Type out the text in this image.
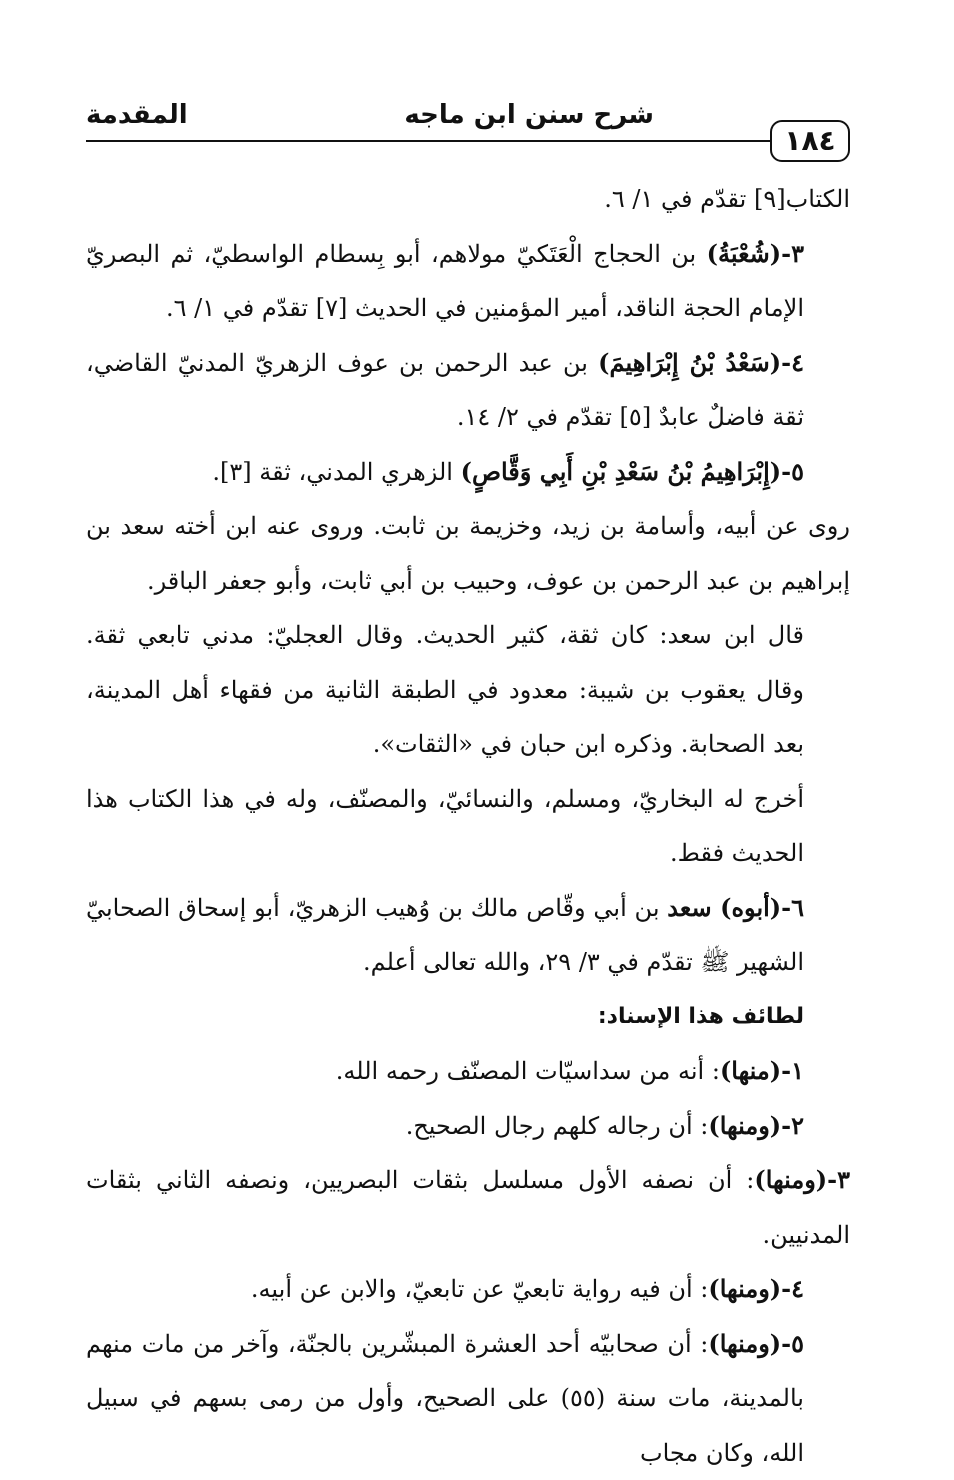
شرح سنن ابن ماجه
المقدمة
١٨٤

الكتاب[٩] تقدّم في ١/ ٦.

٣-(شُعْبَةُ) بن الحجاج الْعَتَكيّ مولاهم، أبو بِسطام الواسطيّ، ثم البصريّ الإمام الحجة الناقد، أمير المؤمنين في الحديث [٧] تقدّم في ١/ ٦.

٤-(سَعْدُ بْنُ إِبْرَاهِيمَ) بن عبد الرحمن بن عوف الزهريّ المدنيّ القاضي، ثقة فاضلٌ عابدٌ [٥] تقدّم في ٢/ ١٤.

٥-(إِبْرَاهِيمُ بْنُ سَعْدِ بْنِ أَبِي وَقَّاصٍ) الزهري المدني، ثقة [٣].

روى عن أبيه، وأسامة بن زيد، وخزيمة بن ثابت. وروى عنه ابن أخته سعد بن إبراهيم بن عبد الرحمن بن عوف، وحبيب بن أبي ثابت، وأبو جعفر الباقر.

قال ابن سعد: كان ثقة، كثير الحديث. وقال العجليّ: مدني تابعي ثقة. وقال يعقوب بن شيبة: معدود في الطبقة الثانية من فقهاء أهل المدينة، بعد الصحابة. وذكره ابن حبان في «الثقات».

أخرج له البخاريّ، ومسلم، والنسائيّ، والمصنّف، وله في هذا الكتاب هذا الحديث فقط.

٦-(أبوه) سعد بن أبي وقّاص مالك بن وُهيب الزهريّ، أبو إسحاق الصحابيّ الشهير ﷺ تقدّم في ٣/ ٢٩، والله تعالى أعلم.

لطائف هذا الإسناد:

١-(منها): أنه من سداسيّات المصنّف رحمه الله.

٢-(ومنها): أن رجاله كلهم رجال الصحيح.

٣-(ومنها): أن نصفه الأول مسلسل بثقات البصريين، ونصفه الثاني بثقات المدنيين.

٤-(ومنها): أن فيه رواية تابعيّ عن تابعيّ، والابن عن أبيه.

٥-(ومنها): أن صحابيّه أحد العشرة المبشّرين بالجنّة، وآخر من مات منهم بالمدينة، مات سنة (٥٥) على الصحيح، وأول من رمى بسهم في سبيل الله، وكان مجاب
